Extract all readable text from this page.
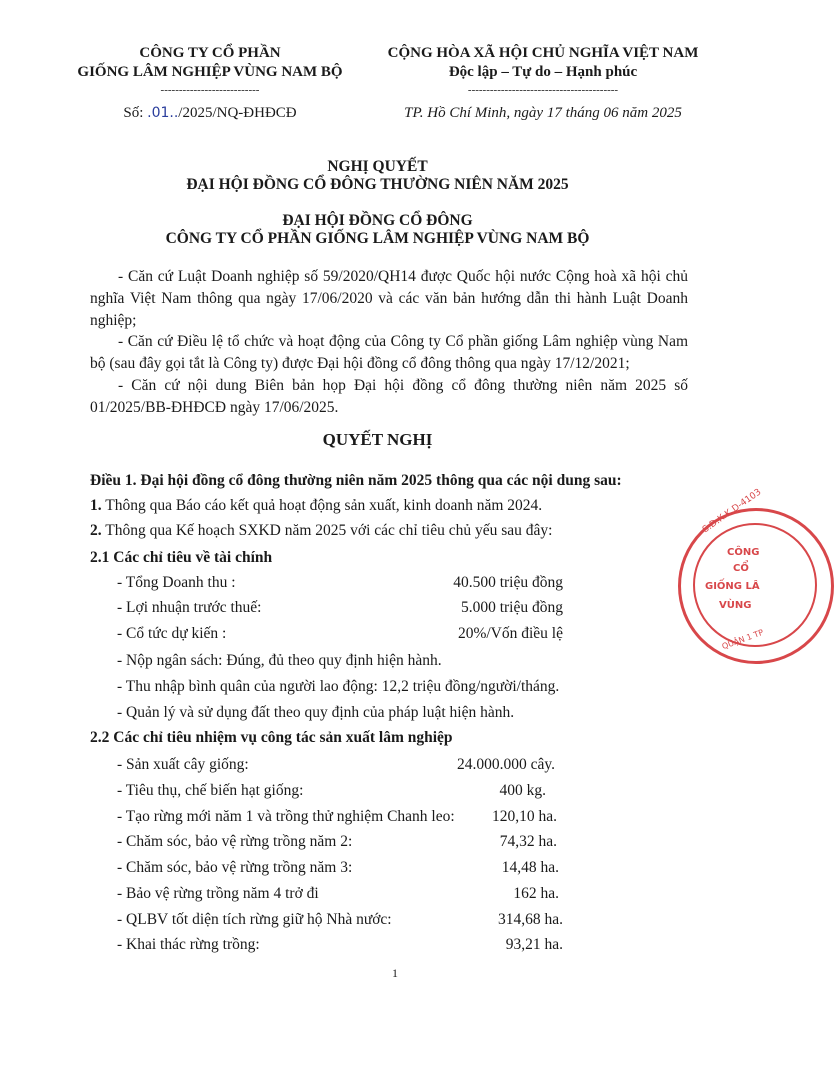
CÔNG TY CỔ PHẦN
GIỐNG LÂM NGHIỆP VÙNG NAM BỘ
---------------------------
Số: .01../2025/NQ-ĐHĐCĐ
CỘNG HÒA XÃ HỘI CHỦ NGHĨA VIỆT NAM
Độc lập – Tự do – Hạnh phúc
-----------------------------------------
TP. Hồ Chí Minh, ngày 17 tháng 06 năm 2025
NGHỊ QUYẾT
ĐẠI HỘI ĐỒNG CỔ ĐÔNG THƯỜNG NIÊN NĂM 2025
ĐẠI HỘI ĐỒNG CỔ ĐÔNG
CÔNG TY CỔ PHẦN GIỐNG LÂM NGHIỆP VÙNG NAM BỘ
- Căn cứ Luật Doanh nghiệp số 59/2020/QH14 được Quốc hội nước Cộng hoà xã hội chủ nghĩa Việt Nam thông qua ngày 17/06/2020 và các văn bản hướng dẫn thi hành Luật Doanh nghiệp;
- Căn cứ Điều lệ tổ chức và hoạt động của Công ty Cổ phần giống Lâm nghiệp vùng Nam bộ (sau đây gọi tắt là Công ty) được Đại hội đồng cổ đông thông qua ngày 17/12/2021;
- Căn cứ nội dung Biên bản họp Đại hội đồng cổ đông thường niên năm 2025 số 01/2025/BB-ĐHĐCĐ ngày 17/06/2025.
QUYẾT NGHỊ
Điều 1. Đại hội đồng cổ đông thường niên năm 2025 thông qua các nội dung sau:
1. Thông qua Báo cáo kết quả hoạt động sản xuất, kinh doanh năm 2024.
2. Thông qua Kế hoạch SXKD năm 2025 với các chỉ tiêu chủ yếu sau đây:
2.1 Các chỉ tiêu về tài chính
- Tổng Doanh thu :	40.500 triệu đồng
- Lợi nhuận trước thuế:	5.000 triệu đồng
- Cổ tức dự kiến :	20%/Vốn điều lệ
- Nộp ngân sách: Đúng, đủ theo quy định hiện hành.
- Thu nhập bình quân của người lao động: 12,2 triệu đồng/người/tháng.
- Quản lý và sử dụng đất theo quy định của pháp luật hiện hành.
2.2 Các chỉ tiêu nhiệm vụ công tác sản xuất lâm nghiệp
- Sản xuất cây giống:	24.000.000 cây.
- Tiêu thụ, chế biến hạt giống:	400 kg.
- Tạo rừng mới năm 1 và trồng thử nghiệm Chanh leo:	120,10 ha.
- Chăm sóc, bảo vệ rừng trồng năm 2:	74,32 ha.
- Chăm sóc, bảo vệ rừng trồng năm 3:	14,48 ha.
- Bảo vệ rừng trồng năm 4 trở đi	162 ha.
- QLBV tốt diện tích rừng giữ hộ Nhà nước:	314,68 ha.
- Khai thác rừng trồng:	93,21 ha.
1
S.Đ.K.K.D-4103
CÔNG
CỔ
GIỐNG LÂ
VÙNG
QUẬN 1 TP
